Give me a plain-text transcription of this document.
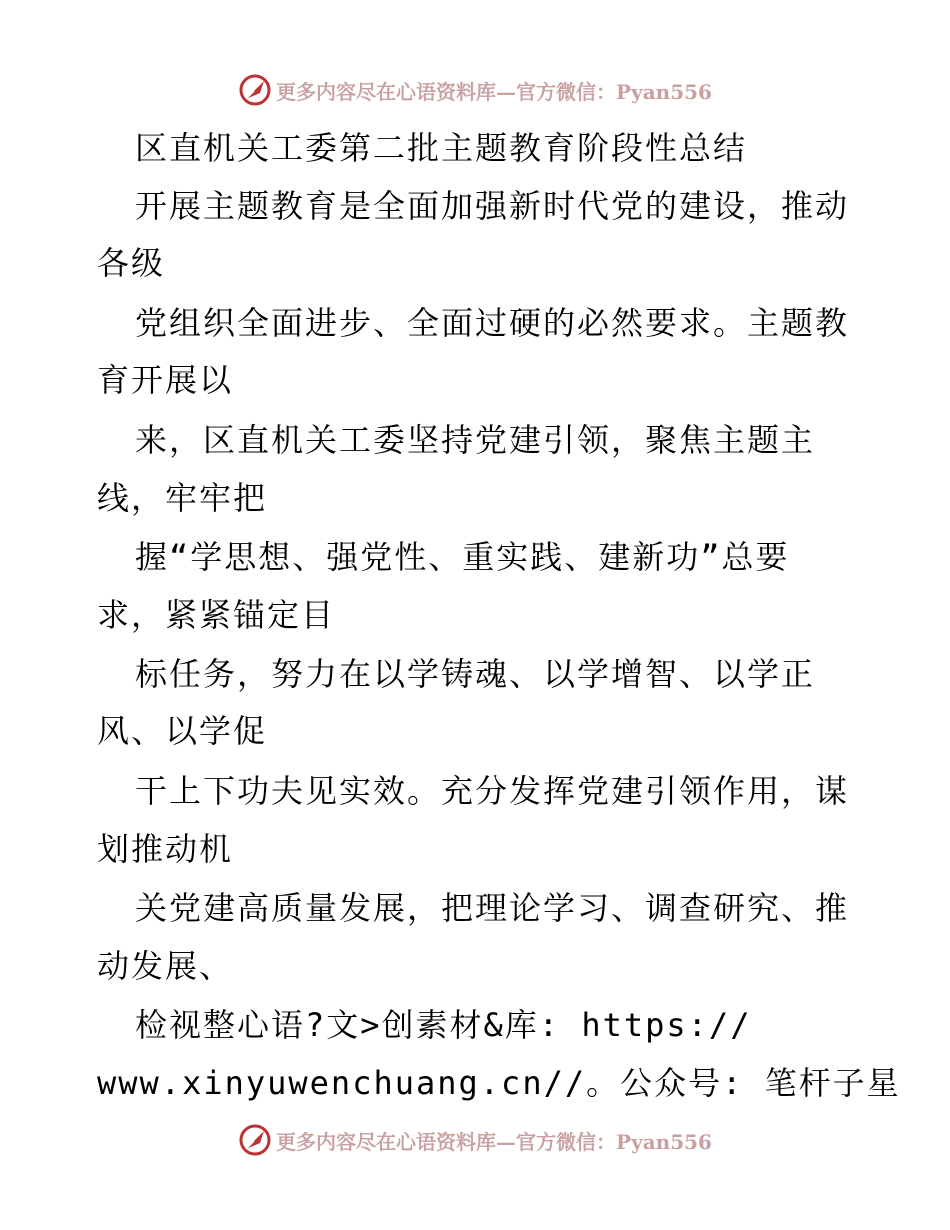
更多内容尽在心语资料库—官方微信：Pyan556
区直机关工委第二批主题教育阶段性总结
开展主题教育是全面加强新时代党的建设，推动
各级
党组织全面进步、全面过硬的必然要求。主题教
育开展以
来，区直机关工委坚持党建引领，聚焦主题主
线，牢牢把
握“学思想、强党性、重实践、建新功”总要
求，紧紧锚定目
标任务，努力在以学铸魂、以学增智、以学正
风、以学促
干上下功夫见实效。充分发挥党建引领作用，谋
划推动机
关党建高质量发展，把理论学习、调查研究、推
动发展、
检视整心语?文>创素材&库: https://
www.xinyuwenchuang.cn//。公众号: 笔杆子星
更多内容尽在心语资料库—官方微信：Pyan556
